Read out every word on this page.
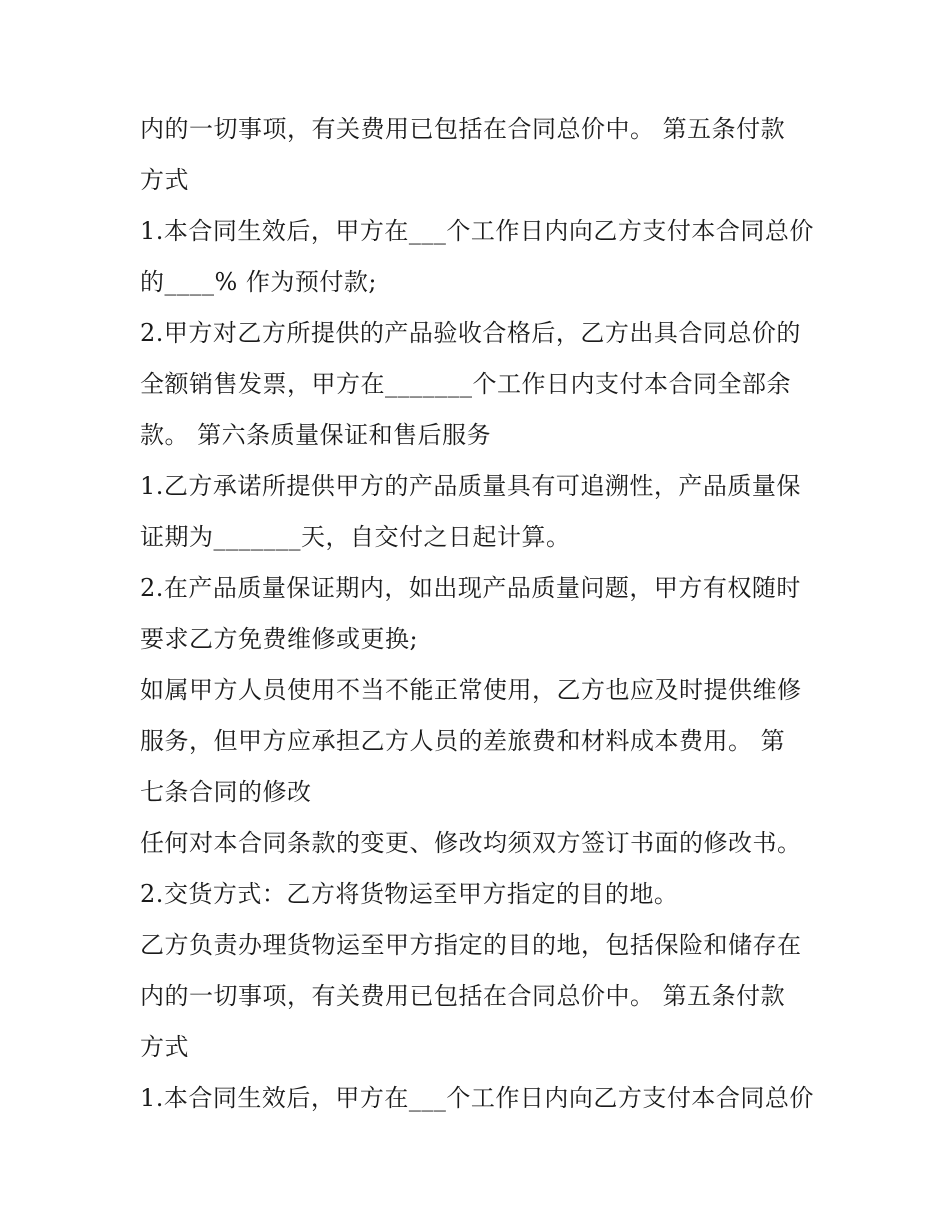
内的一切事项，有关费用已包括在合同总价中。 第五条付款
方式
1.本合同生效后，甲方在___个工作日内向乙方支付本合同总价
的____% 作为预付款;
2.甲方对乙方所提供的产品验收合格后，乙方出具合同总价的
全额销售发票，甲方在_______个工作日内支付本合同全部余
款。 第六条质量保证和售后服务
1.乙方承诺所提供甲方的产品质量具有可追溯性，产品质量保
证期为_______天，自交付之日起计算。
2.在产品质量保证期内，如出现产品质量问题，甲方有权随时
要求乙方免费维修或更换;
如属甲方人员使用不当不能正常使用，乙方也应及时提供维修
服务，但甲方应承担乙方人员的差旅费和材料成本费用。 第
七条合同的修改
任何对本合同条款的变更、修改均须双方签订书面的修改书。
2.交货方式：乙方将货物运至甲方指定的目的地。
乙方负责办理货物运至甲方指定的目的地，包括保险和储存在
内的一切事项，有关费用已包括在合同总价中。 第五条付款
方式
1.本合同生效后，甲方在___个工作日内向乙方支付本合同总价
